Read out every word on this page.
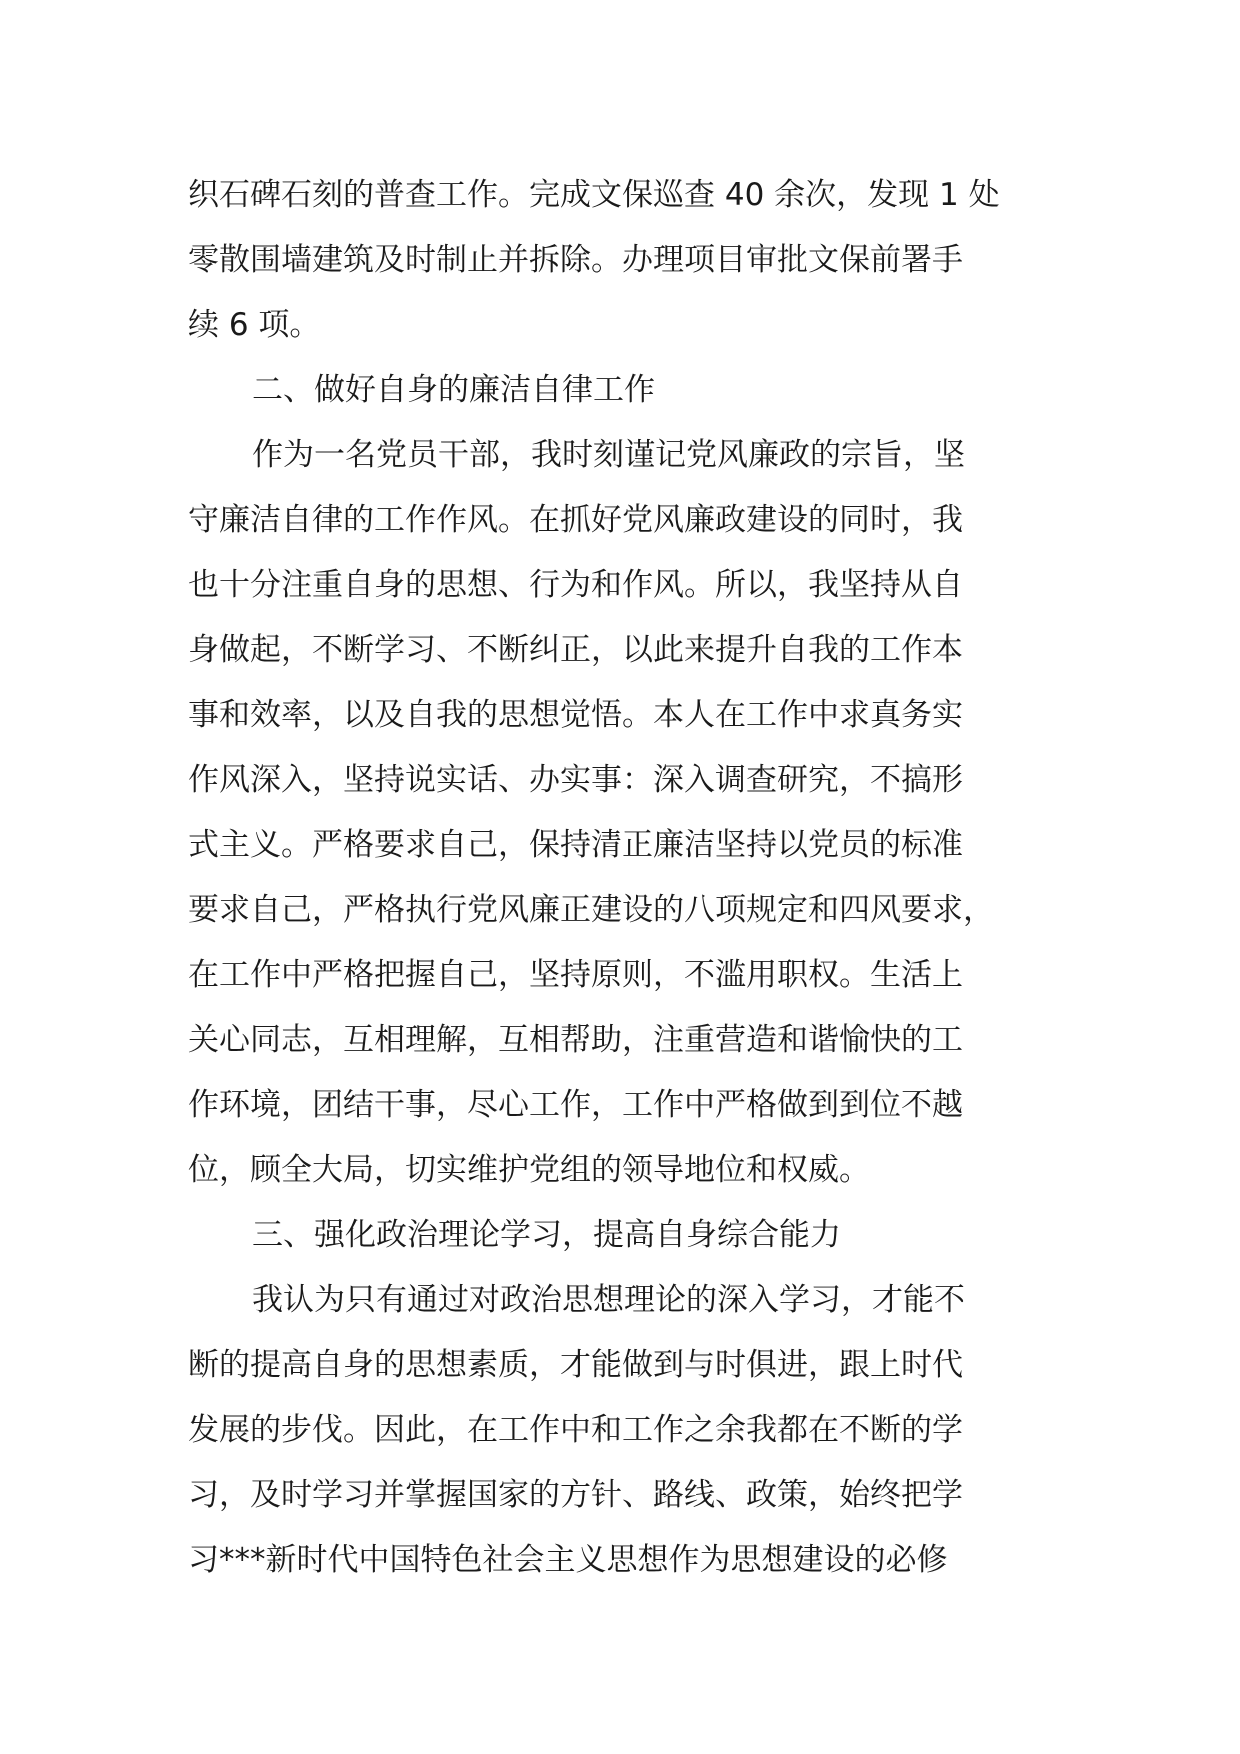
织石碑石刻的普查工作。完成文保巡查 40 余次，发现 1 处
零散围墙建筑及时制止并拆除。办理项目审批文保前署手
续 6 项。
二、做好自身的廉洁自律工作
作为一名党员干部，我时刻谨记党风廉政的宗旨，坚
守廉洁自律的工作作风。在抓好党风廉政建设的同时，我
也十分注重自身的思想、行为和作风。所以，我坚持从自
身做起，不断学习、不断纠正，以此来提升自我的工作本
事和效率，以及自我的思想觉悟。本人在工作中求真务实
作风深入，坚持说实话、办实事：深入调查研究，不搞形
式主义。严格要求自己，保持清正廉洁坚持以党员的标准
要求自己，严格执行党风廉正建设的八项规定和四风要求，
在工作中严格把握自己，坚持原则，不滥用职权。生活上
关心同志，互相理解，互相帮助，注重营造和谐愉快的工
作环境，团结干事，尽心工作，工作中严格做到到位不越
位，顾全大局，切实维护党组的领导地位和权威。
三、强化政治理论学习，提高自身综合能力
我认为只有通过对政治思想理论的深入学习，才能不
断的提高自身的思想素质，才能做到与时俱进，跟上时代
发展的步伐。因此，在工作中和工作之余我都在不断的学
习，及时学习并掌握国家的方针、路线、政策，始终把学
习***新时代中国特色社会主义思想作为思想建设的必修
